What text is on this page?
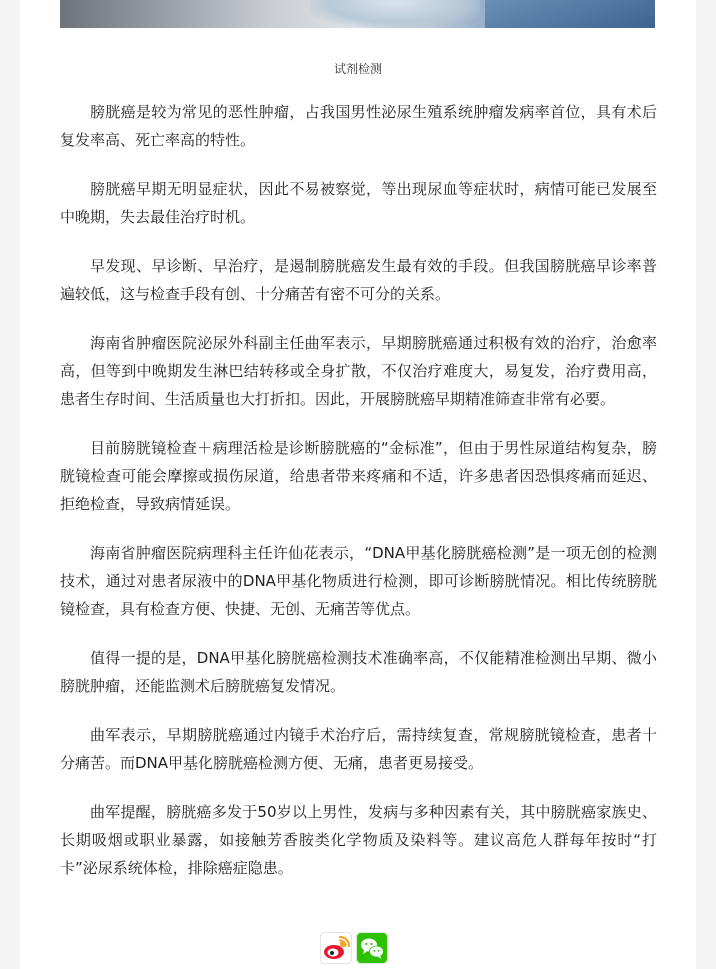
试剂检测

膀胱癌是较为常见的恶性肿瘤，占我国男性泌尿生殖系统肿瘤发病率首位，具有术后复发率高、死亡率高的特性。

膀胱癌早期无明显症状，因此不易被察觉，等出现尿血等症状时，病情可能已发展至中晚期，失去最佳治疗时机。

早发现、早诊断、早治疗，是遏制膀胱癌发生最有效的手段。但我国膀胱癌早诊率普遍较低，这与检查手段有创、十分痛苦有密不可分的关系。

海南省肿瘤医院泌尿外科副主任曲军表示，早期膀胱癌通过积极有效的治疗，治愈率高，但等到中晚期发生淋巴结转移或全身扩散，不仅治疗难度大，易复发，治疗费用高，患者生存时间、生活质量也大打折扣。因此，开展膀胱癌早期精准筛查非常有必要。

目前膀胱镜检查＋病理活检是诊断膀胱癌的“金标准”，但由于男性尿道结构复杂，膀胱镜检查可能会摩擦或损伤尿道，给患者带来疼痛和不适，许多患者因恐惧疼痛而延迟、拒绝检查，导致病情延误。

海南省肿瘤医院病理科主任许仙花表示，“DNA甲基化膀胱癌检测”是一项无创的检测技术，通过对患者尿液中的DNA甲基化物质进行检测，即可诊断膀胱情况。相比传统膀胱镜检查，具有检查方便、快捷、无创、无痛苦等优点。

值得一提的是，DNA甲基化膀胱癌检测技术准确率高，不仅能精准检测出早期、微小膀胱肿瘤，还能监测术后膀胱癌复发情况。

曲军表示，早期膀胱癌通过内镜手术治疗后，需持续复查，常规膀胱镜检查，患者十分痛苦。而DNA甲基化膀胱癌检测方便、无痛，患者更易接受。

曲军提醒，膀胱癌多发于50岁以上男性，发病与多种因素有关，其中膀胱癌家族史、长期吸烟或职业暴露，如接触芳香胺类化学物质及染料等。建议高危人群每年按时“打卡”泌尿系统体检，排除癌症隐患。
